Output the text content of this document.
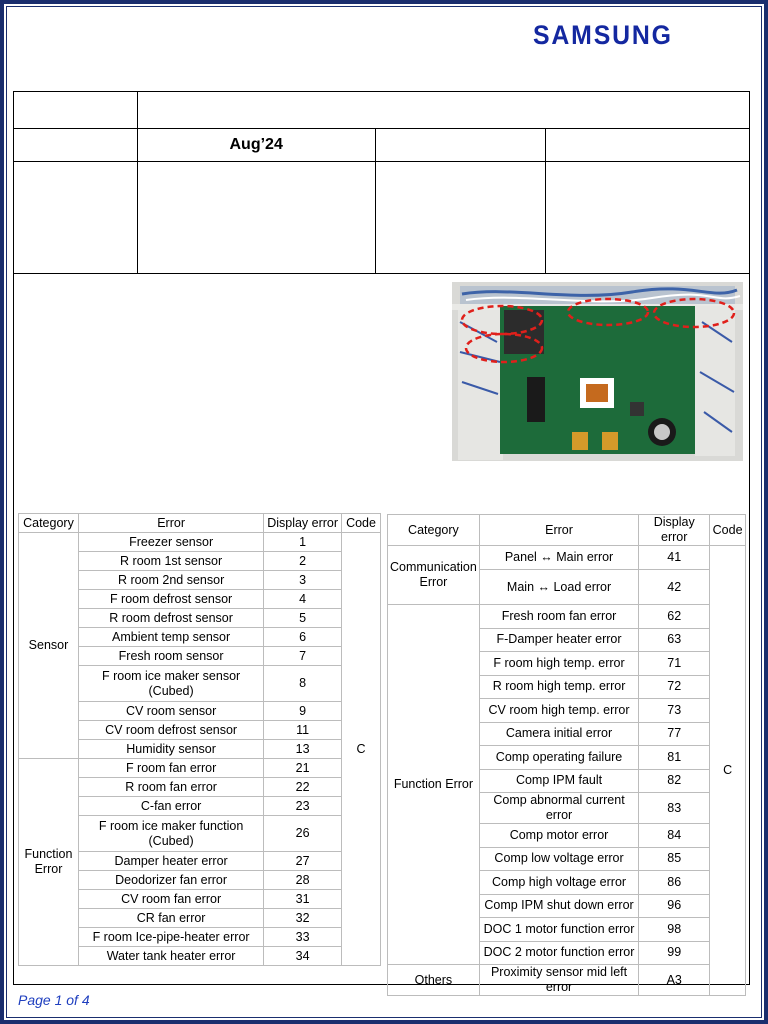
SAMSUNG

	Aug’24		

Category	Error	Display error	Code
Sensor	Freezer sensor	1	C
	R room 1st sensor	2	
	R room 2nd sensor	3	
	F room defrost sensor	4	
	R room defrost sensor	5	
	Ambient temp sensor	6	
	Fresh room sensor	7	
	F room ice maker sensor (Cubed)	8	
	CV room sensor	9	
	CV room defrost sensor	11	
	Humidity sensor	13	
Function Error	F room fan error	21	
	R room fan error	22	
	C-fan error	23	
	F room ice maker function (Cubed)	26	
	Damper heater error	27	
	Deodorizer fan error	28	
	CV room fan error	31	
	CR fan error	32	
	F room Ice-pipe-heater error	33	
	Water tank heater error	34	
Category	Error	Display error	Code
Communication Error	Panel ↔ Main error	41	C
	Main ↔ Load error	42	
Function Error	Fresh room fan error	62	
	F-Damper heater error	63	
	F room high temp. error	71	
	R room high temp. error	72	
	CV room high temp. error	73	
	Camera initial error	77	
	Comp operating failure	81	
	Comp IPM fault	82	
	Comp abnormal current error	83	
	Comp motor error	84	
	Comp low voltage error	85	
	Comp high voltage error	86	
	Comp IPM shut down error	96	
	DOC 1 motor function error	98	
	DOC 2 motor function error	99	
Others	Proximity sensor mid left error	A3	
Page 1 of 4
